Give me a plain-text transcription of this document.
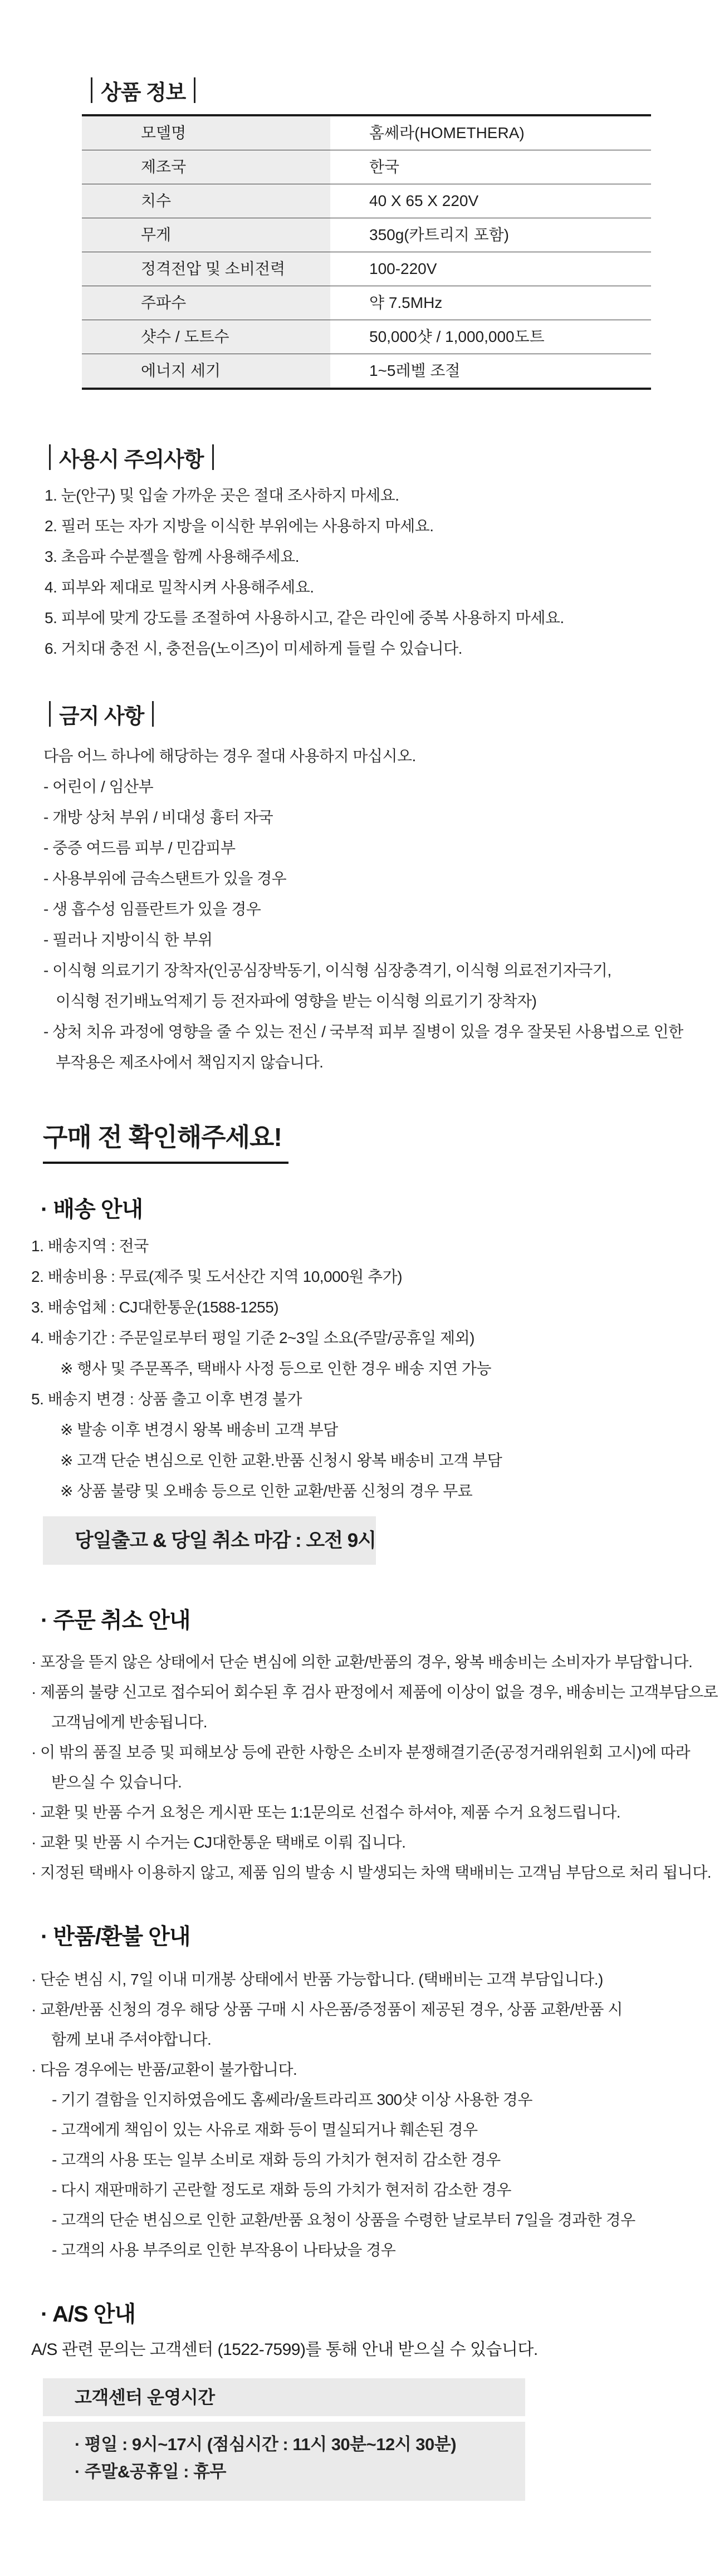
상품 정보
모델명	홈쎄라(HOMETHERA)
제조국	한국
치수	40 X 65 X 220V
무게	350g(카트리지 포함)
정격전압 및 소비전력	100-220V
주파수	약 7.5MHz
샷수 / 도트수	50,000샷 / 1,000,000도트
에너지 세기	1~5레벨 조절
사용시 주의사항
1. 눈(안구) 및 입술 가까운 곳은 절대 조사하지 마세요.
2. 필러 또는 자가 지방을 이식한 부위에는 사용하지 마세요.
3. 초음파 수분젤을 함께 사용해주세요.
4. 피부와 제대로 밀착시켜 사용해주세요.
5. 피부에 맞게 강도를 조절하여 사용하시고, 같은 라인에 중복 사용하지 마세요.
6. 거치대 충전 시, 충전음(노이즈)이 미세하게 들릴 수 있습니다.
금지 사항
다음 어느 하나에 해당하는 경우 절대 사용하지 마십시오.
- 어린이 / 임산부
- 개방 상처 부위 / 비대성 흉터 자국
- 중증 여드름 피부 / 민감피부
- 사용부위에 금속스탠트가 있을 경우
- 생 흡수성 임플란트가 있을 경우
- 필러나 지방이식 한 부위
- 이식형 의료기기 장착자(인공심장박동기, 이식형 심장충격기, 이식형 의료전기자극기,
이식형 전기배뇨억제기 등 전자파에 영향을 받는 이식형 의료기기 장착자)
- 상처 치유 과정에 영향을 줄 수 있는 전신 / 국부적 피부 질병이 있을 경우 잘못된 사용법으로 인한
부작용은 제조사에서 책임지지 않습니다.
구매 전 확인해주세요!
· 배송 안내
1. 배송지역 : 전국
2. 배송비용 : 무료(제주 및 도서산간 지역 10,000원 추가)
3. 배송업체 : CJ대한통운(1588-1255)
4. 배송기간 : 주문일로부터 평일 기준 2~3일 소요(주말/공휴일 제외)
※ 행사 및 주문폭주, 택배사 사정 등으로 인한 경우 배송 지연 가능
5. 배송지 변경 : 상품 출고 이후 변경 불가
※ 발송 이후 변경시 왕복 배송비 고객 부담
※ 고객 단순 변심으로 인한 교환.반품 신청시 왕복 배송비 고객 부담
※ 상품 불량 및 오배송 등으로 인한 교환/반품 신청의 경우 무료
당일출고 & 당일 취소 마감 : 오전 9시
· 주문 취소 안내
· 포장을 뜯지 않은 상태에서 단순 변심에 의한 교환/반품의 경우, 왕복 배송비는 소비자가 부담합니다.
· 제품의 불량 신고로 접수되어 회수된 후 검사 판정에서 제품에 이상이 없을 경우, 배송비는 고객부담으로
고객님에게 반송됩니다.
· 이 밖의 품질 보증 및 피해보상 등에 관한 사항은 소비자 분쟁해결기준(공정거래위원회 고시)에 따라
받으실 수 있습니다.
· 교환 및 반품 수거 요청은 게시판 또는 1:1문의로 선접수 하셔야, 제품 수거 요청드립니다.
· 교환 및 반품 시 수거는 CJ대한통운 택배로 이뤄 집니다.
· 지정된 택배사 이용하지 않고, 제품 임의 발송 시 발생되는 차액 택배비는 고객님 부담으로 처리 됩니다.
· 반품/환불 안내
· 단순 변심 시, 7일 이내 미개봉 상태에서 반품 가능합니다. (택배비는 고객 부담입니다.)
· 교환/반품 신청의 경우 해당 상품 구매 시 사은품/증정품이 제공된 경우, 상품 교환/반품 시
함께 보내 주셔야합니다.
· 다음 경우에는 반품/교환이 불가합니다.
- 기기 결함을 인지하였음에도 홈쎄라/울트라리프 300샷 이상 사용한 경우
- 고객에게 책임이 있는 사유로 재화 등이 멸실되거나 훼손된 경우
- 고객의 사용 또는 일부 소비로 재화 등의 가치가 현저히 감소한 경우
- 다시 재판매하기 곤란할 정도로 재화 등의 가치가 현저히 감소한 경우
- 고객의 단순 변심으로 인한 교환/반품 요청이 상품을 수령한 날로부터 7일을 경과한 경우
- 고객의 사용 부주의로 인한 부작용이 나타났을 경우
· A/S 안내
A/S 관련 문의는 고객센터 (1522-7599)를 통해 안내 받으실 수 있습니다.
고객센터 운영시간
· 평일 : 9시~17시 (점심시간 : 11시 30분~12시 30분)
· 주말&공휴일 : 휴무
